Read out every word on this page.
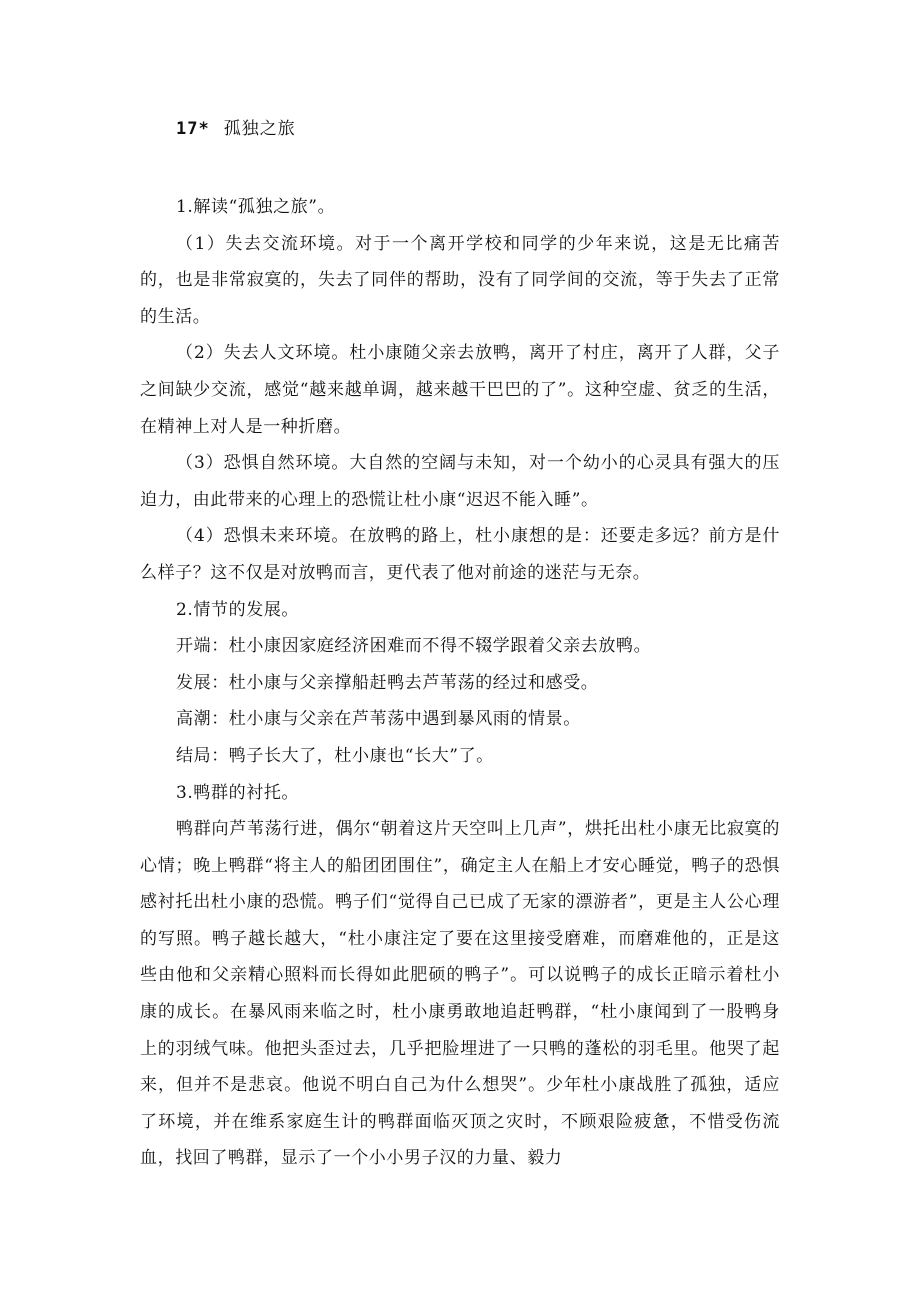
17* 孤独之旅

1.解读“孤独之旅”。

（1）失去交流环境。对于一个离开学校和同学的少年来说，这是无比痛苦的，也是非常寂寞的，失去了同伴的帮助，没有了同学间的交流，等于失去了正常的生活。

（2）失去人文环境。杜小康随父亲去放鸭，离开了村庄，离开了人群，父子之间缺少交流，感觉“越来越单调，越来越干巴巴的了”。这种空虚、贫乏的生活，在精神上对人是一种折磨。

（3）恐惧自然环境。大自然的空阔与未知，对一个幼小的心灵具有强大的压迫力，由此带来的心理上的恐慌让杜小康“迟迟不能入睡”。

（4）恐惧未来环境。在放鸭的路上，杜小康想的是：还要走多远？前方是什么样子？这不仅是对放鸭而言，更代表了他对前途的迷茫与无奈。

2.情节的发展。

开端：杜小康因家庭经济困难而不得不辍学跟着父亲去放鸭。

发展：杜小康与父亲撑船赶鸭去芦苇荡的经过和感受。

高潮：杜小康与父亲在芦苇荡中遇到暴风雨的情景。

结局：鸭子长大了，杜小康也“长大”了。

3.鸭群的衬托。

鸭群向芦苇荡行进，偶尔“朝着这片天空叫上几声”，烘托出杜小康无比寂寞的心情；晚上鸭群“将主人的船团团围住”，确定主人在船上才安心睡觉，鸭子的恐惧感衬托出杜小康的恐慌。鸭子们“觉得自己已成了无家的漂游者”，更是主人公心理的写照。鸭子越长越大，“杜小康注定了要在这里接受磨难，而磨难他的，正是这些由他和父亲精心照料而长得如此肥硕的鸭子”。可以说鸭子的成长正暗示着杜小康的成长。在暴风雨来临之时，杜小康勇敢地追赶鸭群，“杜小康闻到了一股鸭身上的羽绒气味。他把头歪过去，几乎把脸埋进了一只鸭的蓬松的羽毛里。他哭了起来，但并不是悲哀。他说不明白自己为什么想哭”。少年杜小康战胜了孤独，适应了环境，并在维系家庭生计的鸭群面临灭顶之灾时，不顾艰险疲惫，不惜受伤流血，找回了鸭群，显示了一个小小男子汉的力量、毅力
